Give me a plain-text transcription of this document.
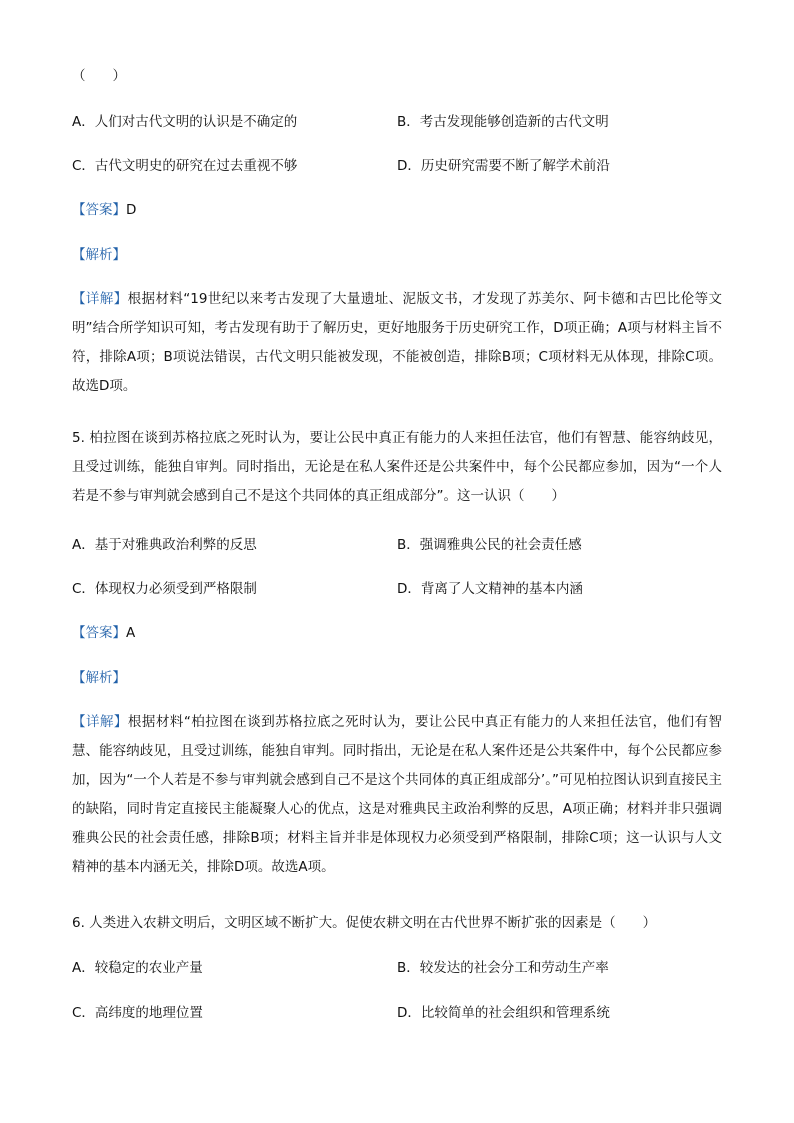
（　　）
A．人们对古代文明的认识是不确定的	B．考古发现能够创造新的古代文明
C．古代文明史的研究在过去重视不够	D．历史研究需要不断了解学术前沿
【答案】D
【解析】
【详解】根据材料“19世纪以来考古发现了大量遗址、泥版文书，才发现了苏美尔、阿卡德和古巴比伦等文明”结合所学知识可知，考古发现有助于了解历史，更好地服务于历史研究工作，D项正确；A项与材料主旨不符，排除A项；B项说法错误，古代文明只能被发现，不能被创造，排除B项；C项材料无从体现，排除C项。故选D项。
5. 柏拉图在谈到苏格拉底之死时认为，要让公民中真正有能力的人来担任法官，他们有智慧、能容纳歧见，且受过训练，能独自审判。同时指出，无论是在私人案件还是公共案件中，每个公民都应参加，因为“一个人若是不参与审判就会感到自己不是这个共同体的真正组成部分”。这一认识（　　）
A．基于对雅典政治利弊的反思	B．强调雅典公民的社会责任感
C．体现权力必须受到严格限制	D．背离了人文精神的基本内涵
【答案】A
【解析】
【详解】根据材料“柏拉图在谈到苏格拉底之死时认为，要让公民中真正有能力的人来担任法官，他们有智慧、能容纳歧见，且受过训练，能独自审判。同时指出，无论是在私人案件还是公共案件中，每个公民都应参加，因为“一个人若是不参与审判就会感到自己不是这个共同体的真正组成部分’。”可见柏拉图认识到直接民主的缺陷，同时肯定直接民主能凝聚人心的优点，这是对雅典民主政治利弊的反思，A项正确；材料并非只强调雅典公民的社会责任感，排除B项；材料主旨并非是体现权力必须受到严格限制，排除C项；这一认识与人文精神的基本内涵无关，排除D项。故选A项。
6. 人类进入农耕文明后，文明区域不断扩大。促使农耕文明在古代世界不断扩张的因素是（　　）
A．较稳定的农业产量	B．较发达的社会分工和劳动生产率
C．高纬度的地理位置	D．比较简单的社会组织和管理系统
